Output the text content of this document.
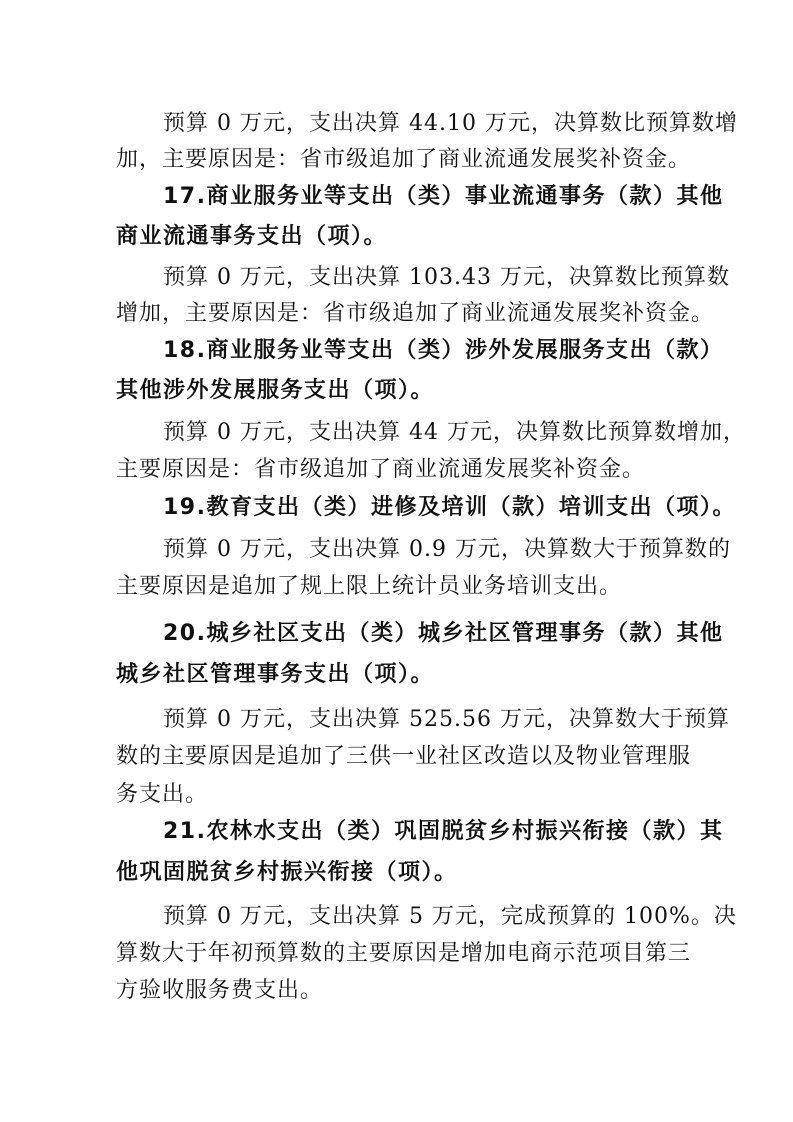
预算 0 万元，支出决算 44.10 万元，决算数比预算数增
加，主要原因是：省市级追加了商业流通发展奖补资金。
17.商业服务业等支出（类）事业流通事务（款）其他
商业流通事务支出（项）。
预算 0 万元，支出决算 103.43 万元，决算数比预算数
增加，主要原因是：省市级追加了商业流通发展奖补资金。
18.商业服务业等支出（类）涉外发展服务支出（款）
其他涉外发展服务支出（项）。
预算 0 万元，支出决算 44 万元，决算数比预算数增加，
主要原因是：省市级追加了商业流通发展奖补资金。
19.教育支出（类）进修及培训（款）培训支出（项）。
预算 0 万元，支出决算 0.9 万元，决算数大于预算数的
主要原因是追加了规上限上统计员业务培训支出。
20.城乡社区支出（类）城乡社区管理事务（款）其他
城乡社区管理事务支出（项）。
预算 0 万元，支出决算 525.56 万元，决算数大于预算
数的主要原因是追加了三供一业社区改造以及物业管理服
务支出。
21.农林水支出（类）巩固脱贫乡村振兴衔接（款）其
他巩固脱贫乡村振兴衔接（项）。
预算 0 万元，支出决算 5 万元，完成预算的 100%。决
算数大于年初预算数的主要原因是增加电商示范项目第三
方验收服务费支出。
